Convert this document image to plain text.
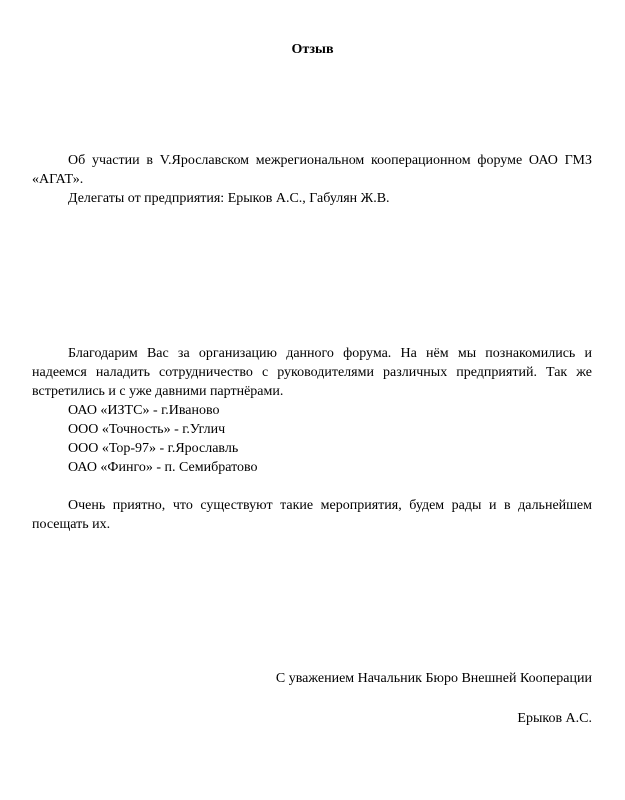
Отзыв

Об участии в V.Ярославском межрегиональном кооперационном форуме ОАО ГМЗ «АГАТ».

Делегаты от предприятия: Ерыков А.С., Габулян Ж.В.

Благодарим Вас за организацию данного форума. На нём мы познакомились и надеемся наладить сотрудничество с руководителями различных предприятий. Так же встретились и с уже давними партнёрами.

ОАО «ИЗТС» - г.Иваново

ООО «Точность» - г.Углич

ООО «Тор-97» - г.Ярославль

ОАО «Финго» - п. Семибратово

Очень приятно, что существуют такие мероприятия, будем рады и в дальнейшем посещать их.

С уважением Начальник Бюро Внешней Кооперации
Ерыков А.С.
